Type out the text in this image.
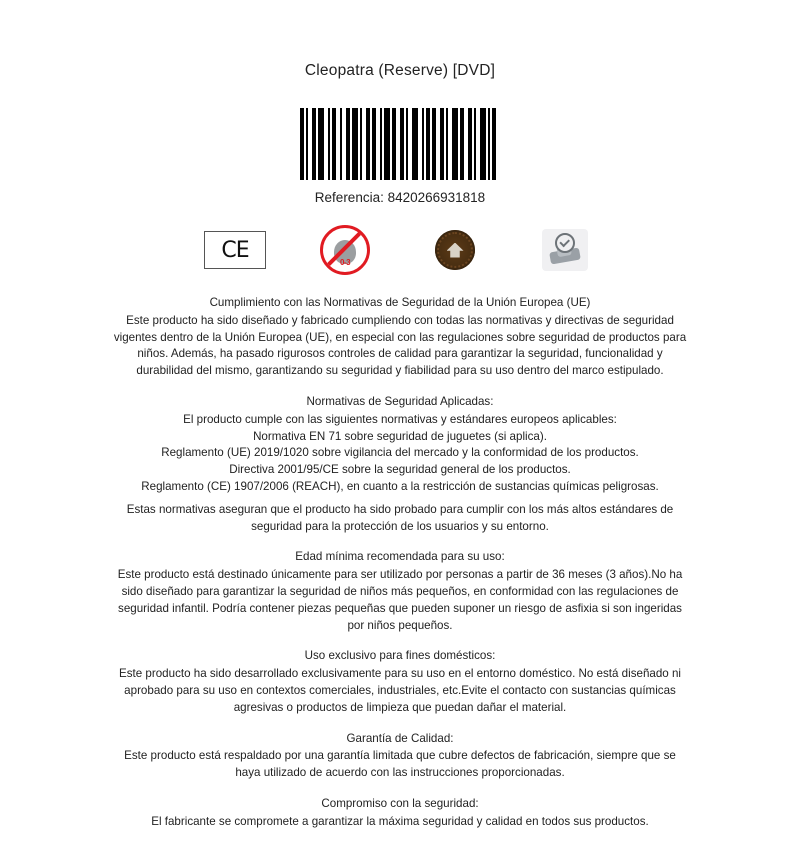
Cleopatra (Reserve) [DVD]
Referencia: 8420266931818
CE	0-3
Cumplimiento con las Normativas de Seguridad de la Unión Europea (UE)
Este producto ha sido diseñado y fabricado cumpliendo con todas las normativas y directivas de seguridad vigentes dentro de la Unión Europea (UE), en especial con las regulaciones sobre seguridad de productos para niños. Además, ha pasado rigurosos controles de calidad para garantizar la seguridad, funcionalidad y durabilidad del mismo, garantizando su seguridad y fiabilidad para su uso dentro del marco estipulado.
Normativas de Seguridad Aplicadas:
El producto cumple con las siguientes normativas y estándares europeos aplicables:
Normativa EN 71 sobre seguridad de juguetes (si aplica).
Reglamento (UE) 2019/1020 sobre vigilancia del mercado y la conformidad de los productos.
Directiva 2001/95/CE sobre la seguridad general de los productos.
Reglamento (CE) 1907/2006 (REACH), en cuanto a la restricción de sustancias químicas peligrosas.
Estas normativas aseguran que el producto ha sido probado para cumplir con los más altos estándares de seguridad para la protección de los usuarios y su entorno.
Edad mínima recomendada para su uso:
Este producto está destinado únicamente para ser utilizado por personas a partir de 36 meses (3 años).No ha sido diseñado para garantizar la seguridad de niños más pequeños, en conformidad con las regulaciones de seguridad infantil. Podría contener piezas pequeñas que pueden suponer un riesgo de asfixia si son ingeridas por niños pequeños.
Uso exclusivo para fines domésticos:
Este producto ha sido desarrollado exclusivamente para su uso en el entorno doméstico. No está diseñado ni aprobado para su uso en contextos comerciales, industriales, etc.Evite el contacto con sustancias químicas agresivas o productos de limpieza que puedan dañar el material.
Garantía de Calidad:
Este producto está respaldado por una garantía limitada que cubre defectos de fabricación, siempre que se haya utilizado de acuerdo con las instrucciones proporcionadas.
Compromiso con la seguridad:
El fabricante se compromete a garantizar la máxima seguridad y calidad en todos sus productos.
